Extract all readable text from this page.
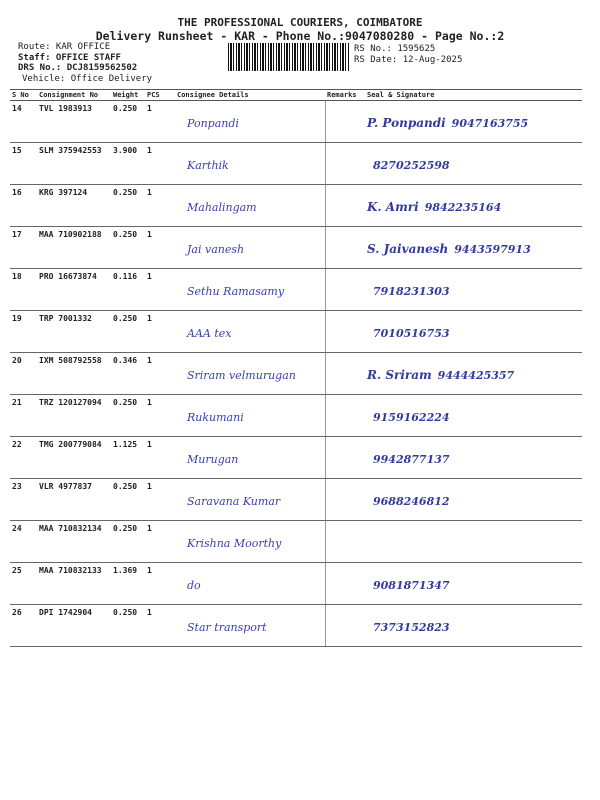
THE PROFESSIONAL COURIERS, COIMBATORE
Delivery Runsheet - KAR - Phone No.:9047080280 - Page No.:2
Route: KAR OFFICE
Staff: OFFICE STAFF
DRS No.: DCJ8159562502
Vehicle: Office Delivery
RS No.: 1595625
RS Date: 12-Aug-2025
S No	Consignment No	Weight	PCS	Consignee Details	Remarks	Seal & Signature
14	TVL 1983913	0.250	1	Ponpandi		P. Ponpandi 9047163755
15	SLM 375942553	3.900	1	Karthik		8270252598
16	KRG 397124	0.250	1	Mahalingam		K. Amri 9842235164
17	MAA 710902188	0.250	1	Jai vanesh		S. Jaivanesh 9443597913
18	PRO 16673874	0.116	1	Sethu Ramasamy		7918231303
19	TRP 7001332	0.250	1	AAA tex		7010516753
20	IXM 508792558	0.346	1	Sriram velmurugan		R. Sriram 9444425357
21	TRZ 120127094	0.250	1	Rukumani		9159162224
22	TMG 200779084	1.125	1	Murugan		9942877137
23	VLR 4977837	0.250	1	Saravana Kumar		9688246812
24	MAA 710832134	0.250	1	Krishna Moorthy		
25	MAA 710832133	1.369	1	do		9081871347
26	DPI 1742904	0.250	1	Star transport		7373152823
